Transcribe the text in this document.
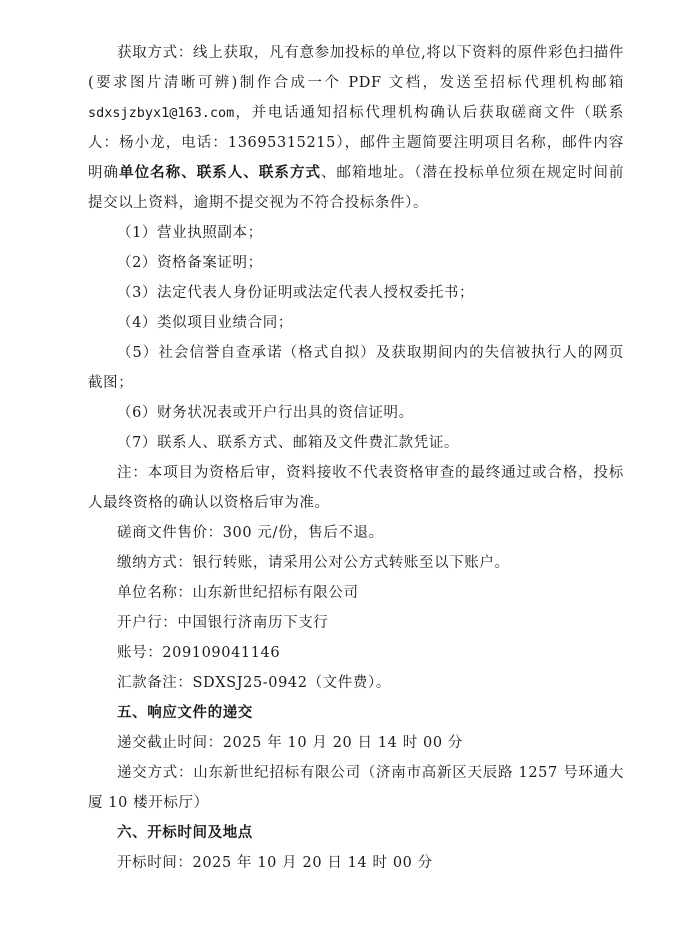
获取方式：线上获取，凡有意参加投标的单位,将以下资料的原件彩色扫描件(要求图片清晰可辨)制作合成一个 PDF 文档，发送至招标代理机构邮箱sdxsjzbyx1@163.com，并电话通知招标代理机构确认后获取磋商文件（联系人：杨小龙，电话：13695315215），邮件主题简要注明项目名称，邮件内容明确单位名称、联系人、联系方式、邮箱地址。（潜在投标单位须在规定时间前提交以上资料，逾期不提交视为不符合投标条件）。

（1）营业执照副本；

（2）资格备案证明；

（3）法定代表人身份证明或法定代表人授权委托书；

（4）类似项目业绩合同；

（5）社会信誉自查承诺（格式自拟）及获取期间内的失信被执行人的网页截图；

（6）财务状况表或开户行出具的资信证明。

（7）联系人、联系方式、邮箱及文件费汇款凭证。

注：本项目为资格后审，资料接收不代表资格审查的最终通过或合格，投标人最终资格的确认以资格后审为准。

磋商文件售价：300 元/份，售后不退。

缴纳方式：银行转账，请采用公对公方式转账至以下账户。

单位名称：山东新世纪招标有限公司

开户行：中国银行济南历下支行

账号：209109041146

汇款备注：SDXSJ25-0942（文件费）。

五、响应文件的递交

递交截止时间：2025 年 10 月 20 日 14 时 00 分

递交方式：山东新世纪招标有限公司（济南市高新区天辰路 1257 号环通大厦 10 楼开标厅）

六、开标时间及地点

开标时间：2025 年 10 月 20 日 14 时 00 分
